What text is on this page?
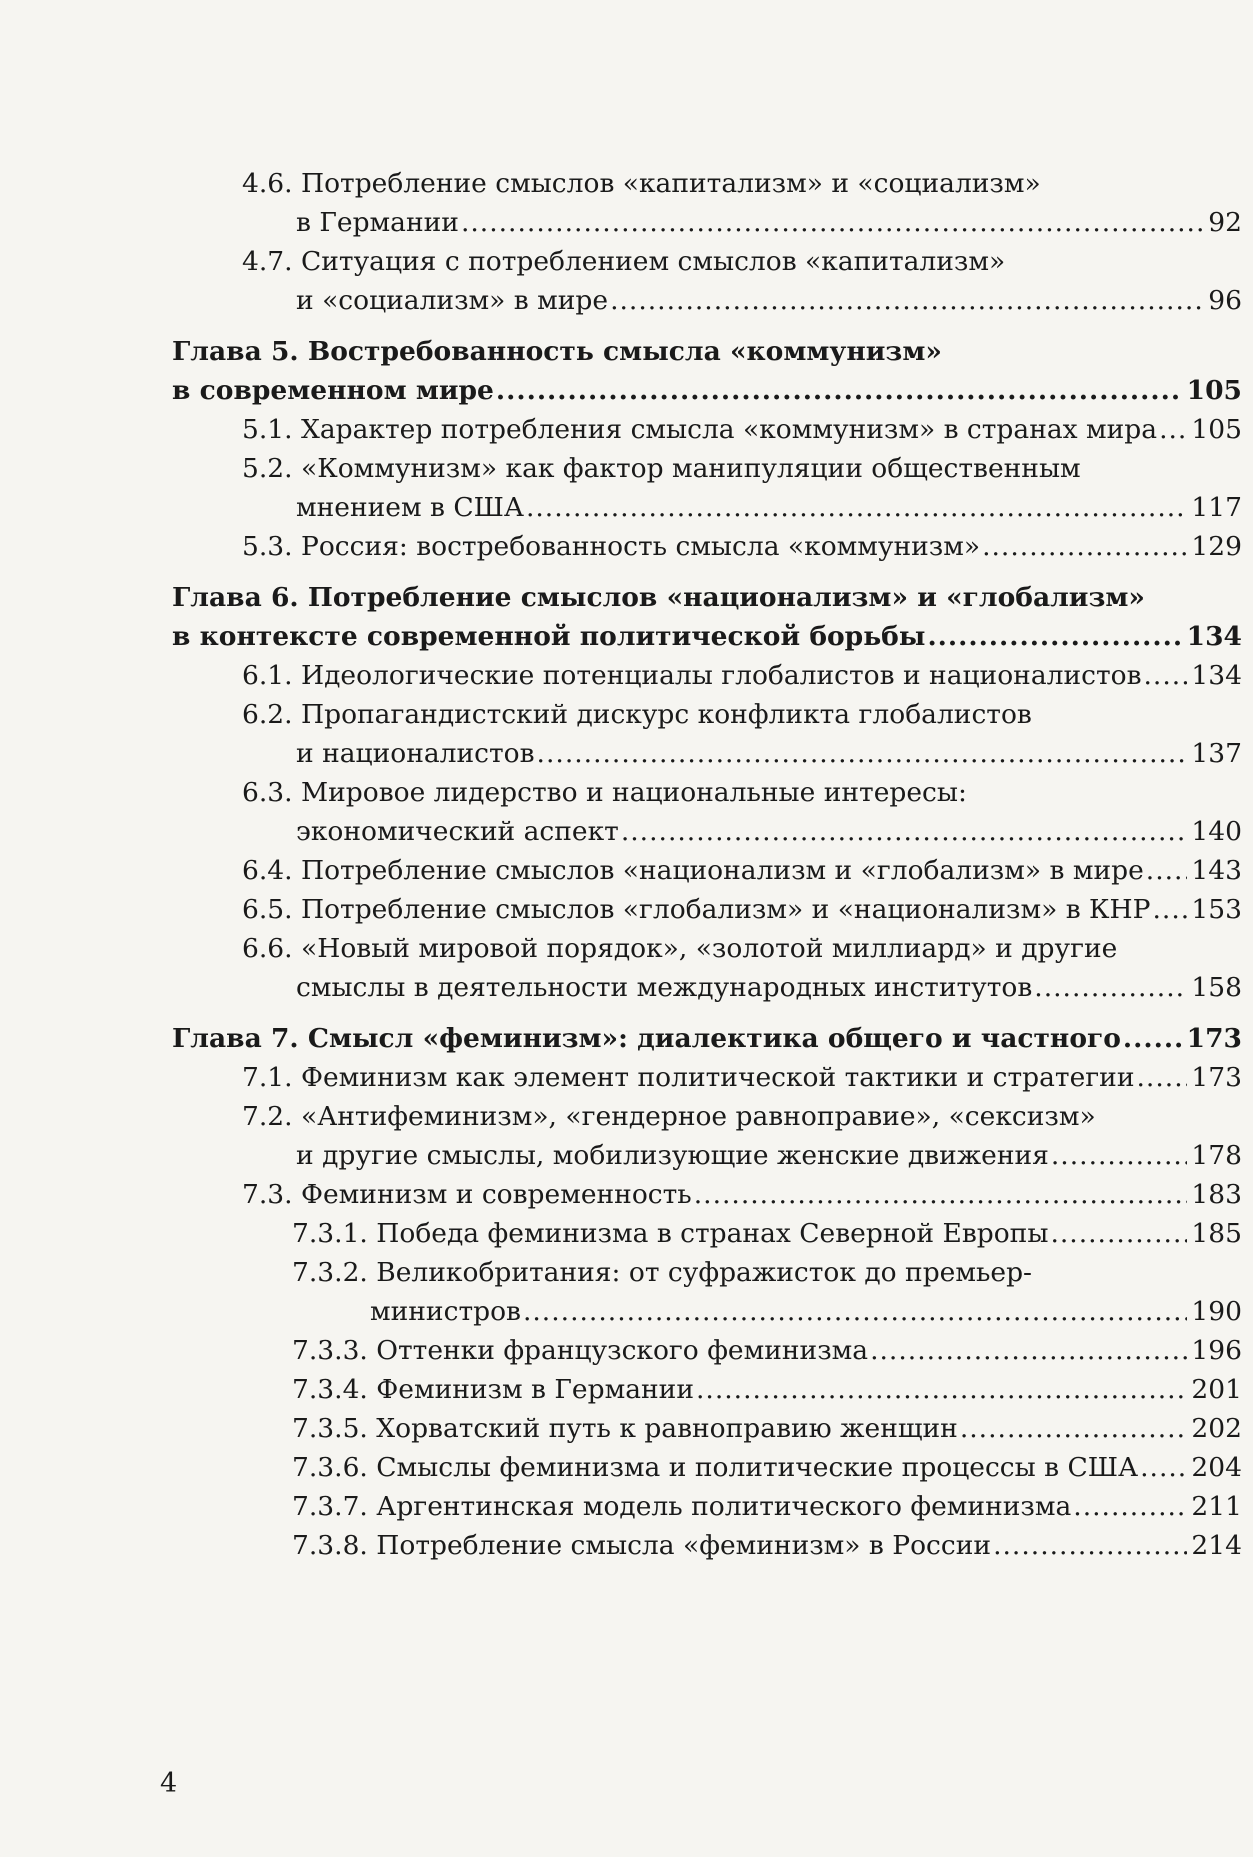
4.6. Потребление смыслов «капитализм» и «социализм»
в Германии .....	92
4.7. Ситуация с потреблением смыслов «капитализм»
и «социализм» в мире .....	96
Глава 5. Востребованность смысла «коммунизм»
в современном мире .....	105
5.1. Характер потребления смысла «коммунизм» в странах мира ..... 105
5.2. «Коммунизм» как фактор манипуляции общественным
мнением в США .....	117
5.3. Россия: востребованность смысла «коммунизм» .....	129
Глава 6. Потребление смыслов «национализм» и «глобализм»
в контексте современной политической борьбы .....	134
6.1. Идеологические потенциалы глобалистов и националистов ..... 134
6.2. Пропагандистский дискурс конфликта глобалистов
и националистов .....	137
6.3. Мировое лидерство и национальные интересы:
экономический аспект .....	140
6.4. Потребление смыслов «национализм и «глобализм» в мире ..... 143
6.5. Потребление смыслов «глобализм» и «национализм» в КНР ..... 153
6.6. «Новый мировой порядок», «золотой миллиард» и другие
смыслы в деятельности международных институтов .....	158
Глава 7. Смысл «феминизм»: диалектика общего и частного ..... 173
7.1. Феминизм как элемент политической тактики и стратегии ..... 173
7.2. «Антифеминизм», «гендерное равноправие», «сексизм»
и другие смыслы, мобилизующие женские движения .....	178
7.3. Феминизм и современность .....	183
7.3.1. Победа феминизма в странах Северной Европы .....	185
7.3.2. Великобритания: от суфражисток до премьер-
министров .....	190
7.3.3. Оттенки французского феминизма .....	196
7.3.4. Феминизм в Германии .....	201
7.3.5. Хорватский путь к равноправию женщин .....	202
7.3.6. Смыслы феминизма и политические процессы в США ..... 204
7.3.7. Аргентинская модель политического феминизма .....	211
7.3.8. Потребление смысла «феминизм» в России .....	214
4
